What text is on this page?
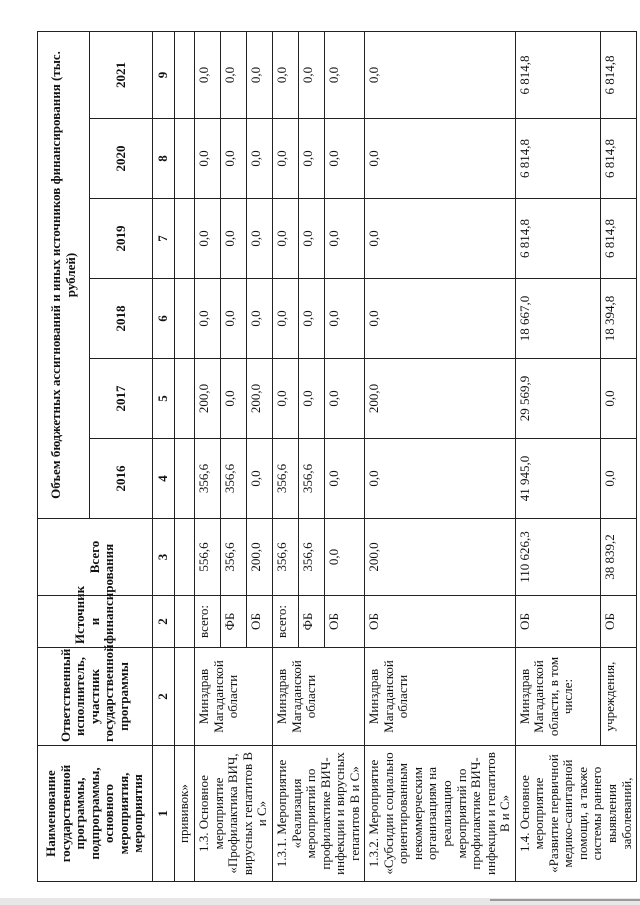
Наименование государственной программы, подпрограммы, основного мероприятия, мероприятия	Ответственный исполнитель, участник государственной программы	Источник и финансирования	Всего	Объем бюджетных ассигнований и иных источников финансирования (тыс. рублей)					
				2016	2017	2018	2019	2020	2021
1	2	2	3	4	5	6	7	8	9
прививок»									
1.3. Основное мероприятие «Профилактика ВИЧ, вирусных гепатитов В и С»	Минздрав Магаданской области	всего:	556,6	356,6	200,0	0,0	0,0	0,0	0,0
		ФБ	356,6	356,6	0,0	0,0	0,0	0,0	0,0
		ОБ	200,0	0,0	200,0	0,0	0,0	0,0	0,0
1.3.1. Мероприятие «Реализация мероприятий по профилактике ВИЧ-инфекции и вирусных гепатитов В и С»	Минздрав Магаданской области	всего:	356,6	356,6	0,0	0,0	0,0	0,0	0,0
		ФБ	356,6	356,6	0,0	0,0	0,0	0,0	0,0
		ОБ	0,0	0,0	0,0	0,0	0,0	0,0	0,0
1.3.2. Мероприятие «Субсидии социально ориентированным некоммерческим организациям на реализацию мероприятий по профилактике ВИЧ-инфекции и гепатитов В и С»	Минздрав Магаданской области	ОБ	200,0	0,0	200,0	0,0	0,0	0,0	0,0
1.4. Основное мероприятие «Развитие первичной медико-санитарной помощи, а также системы раннего выявления заболеваний,	Минздрав Магаданской области, в том числе:	ОБ	110 626,3	41 945,0	29 569,9	18 667,0	6 814,8	6 814,8	6 814,8
	учреждения,	ОБ	38 839,2	0,0	0,0	18 394,8	6 814,8	6 814,8	6 814,8
